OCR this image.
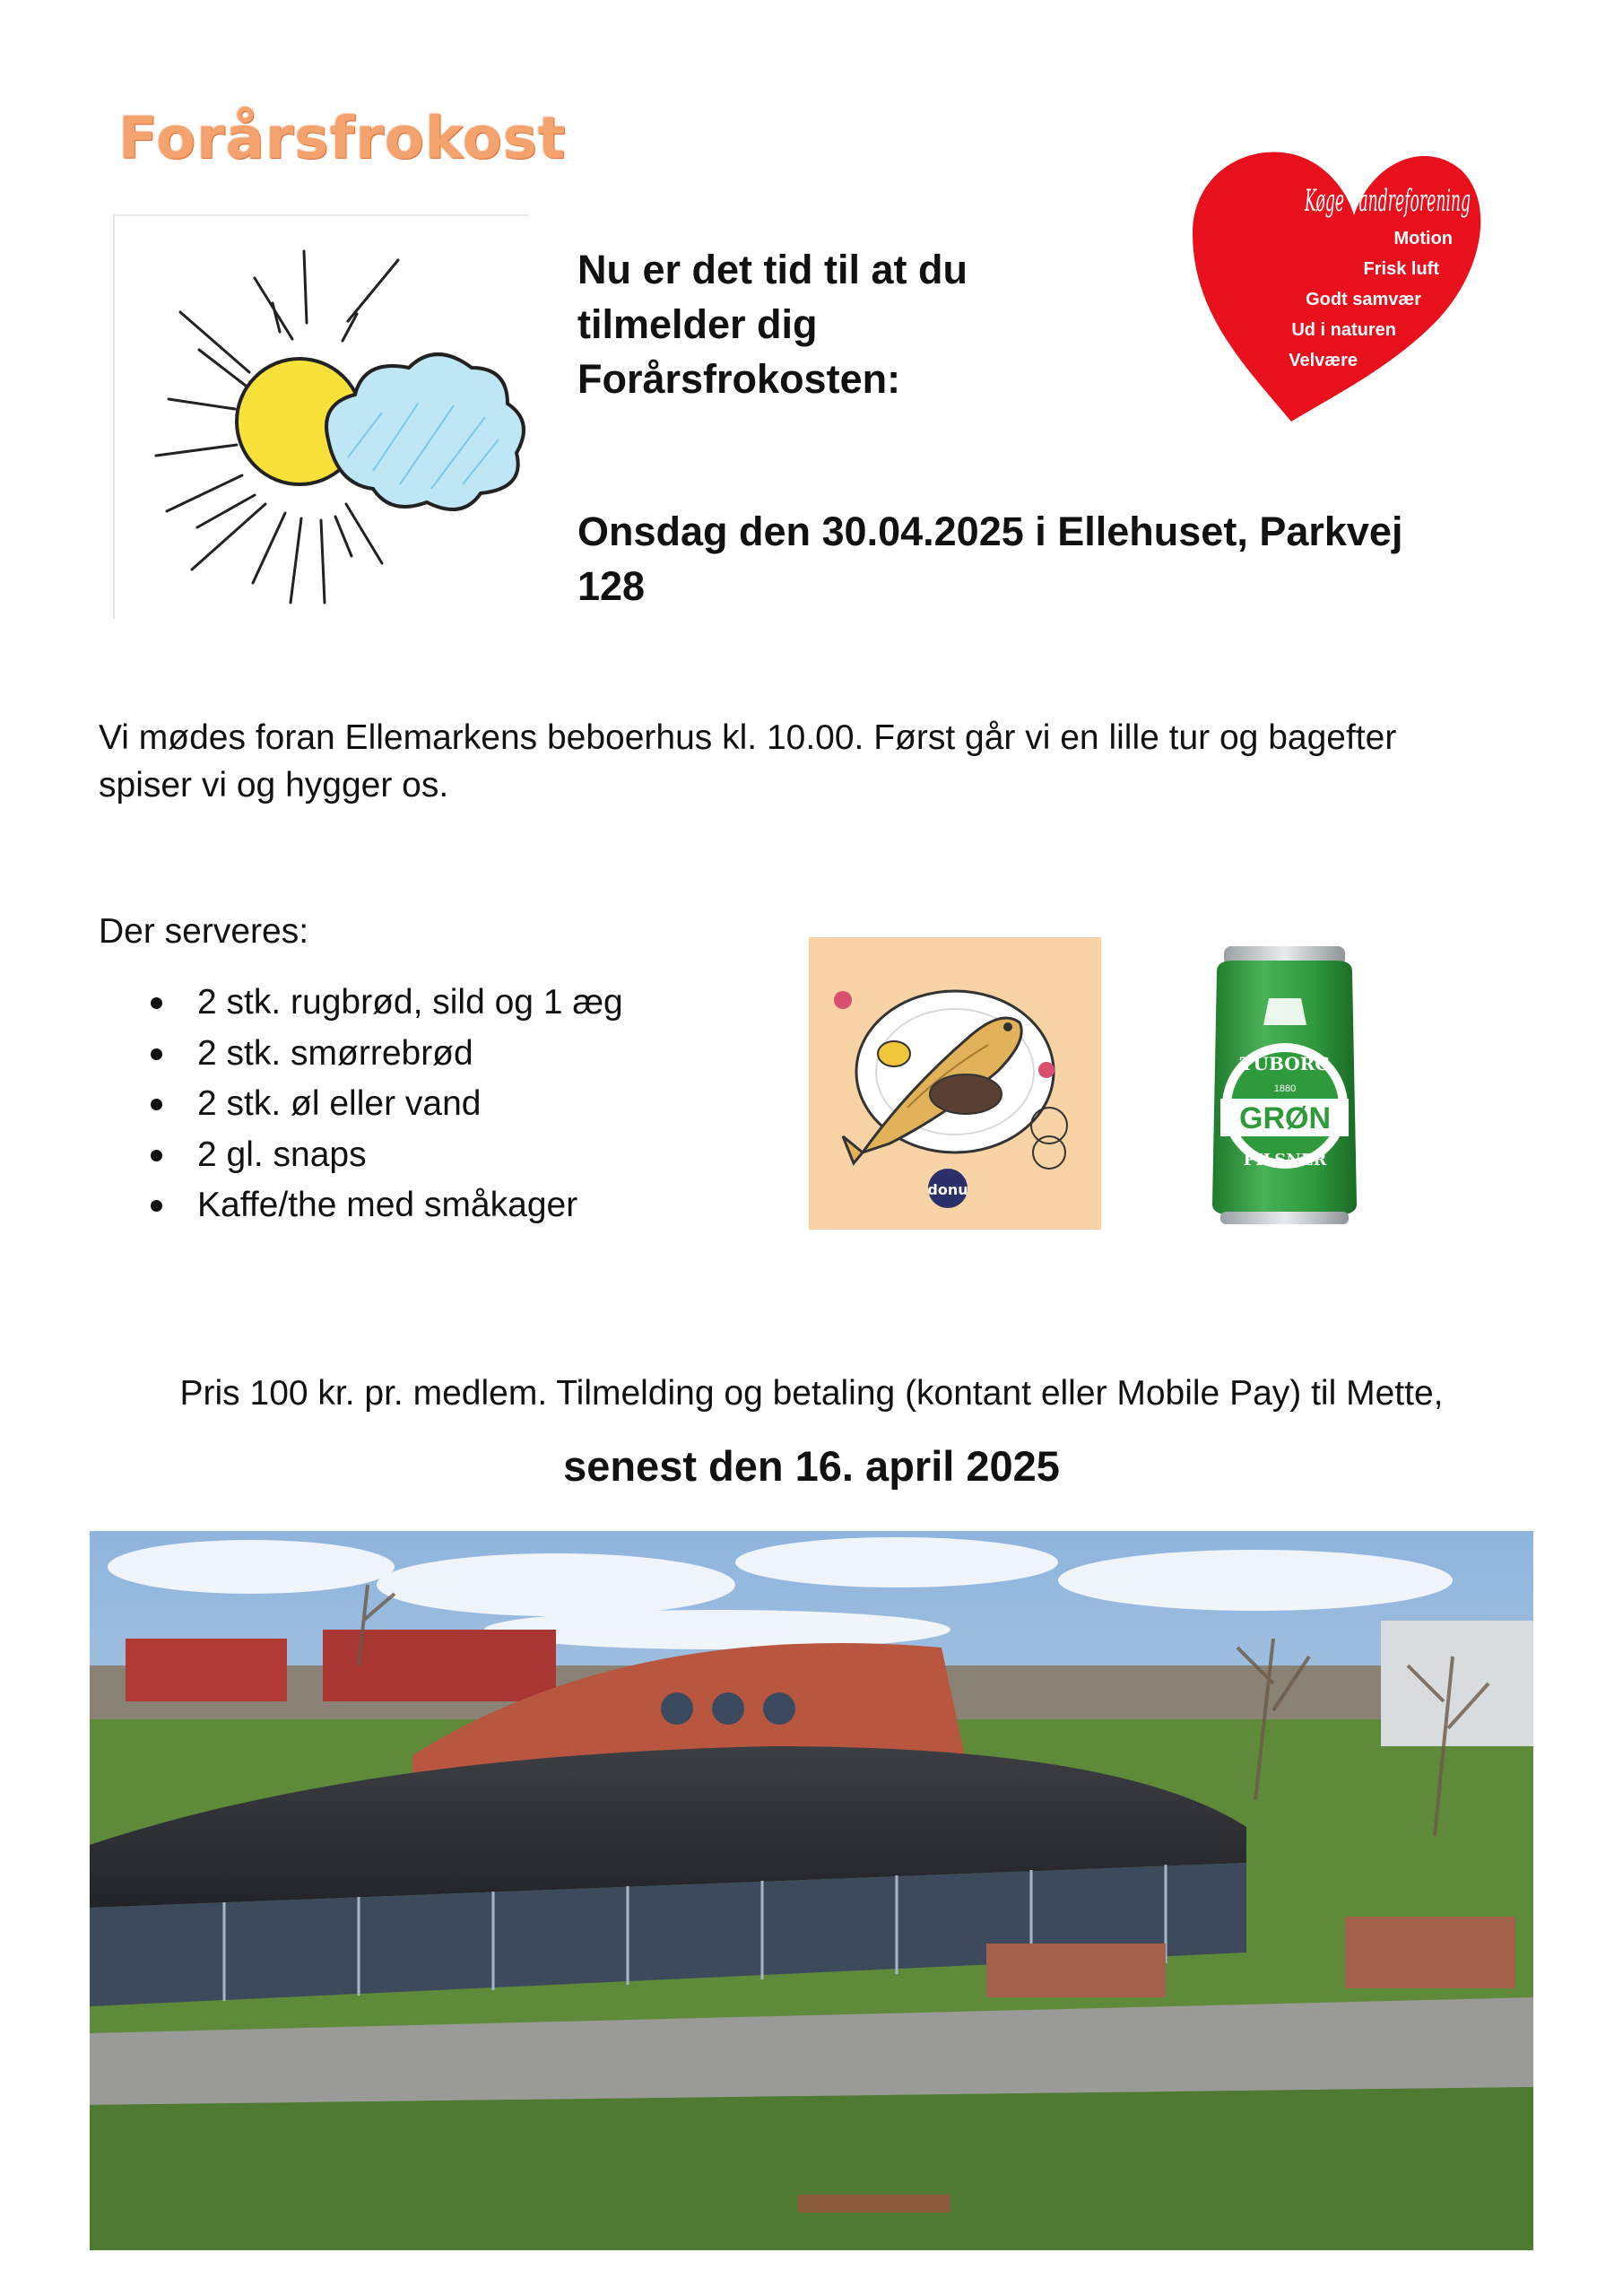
Forårsfrokost
Nu er det tid til at du
tilmelder dig
Forårsfrokosten:
Onsdag den 30.04.2025 i Ellehuset, Parkvej
128
Køge Vandreforening
Motion
Frisk luft
Godt samvær
Ud i naturen
Velvære
Vi mødes foran Ellemarkens beboerhus kl. 10.00. Først går vi en lille tur og bagefter
spiser vi og hygger os.
Der serveres:
2 stk. rugbrød, sild og 1 æg
2 stk. smørrebrød
2 stk. øl eller vand
2 gl. snaps
Kaffe/the med småkager	donu
TUBORG
1880
GRØN
PILSNER
Pris 100 kr. pr. medlem. Tilmelding og betaling (kontant eller Mobile Pay) til Mette,
senest den 16. april 2025
